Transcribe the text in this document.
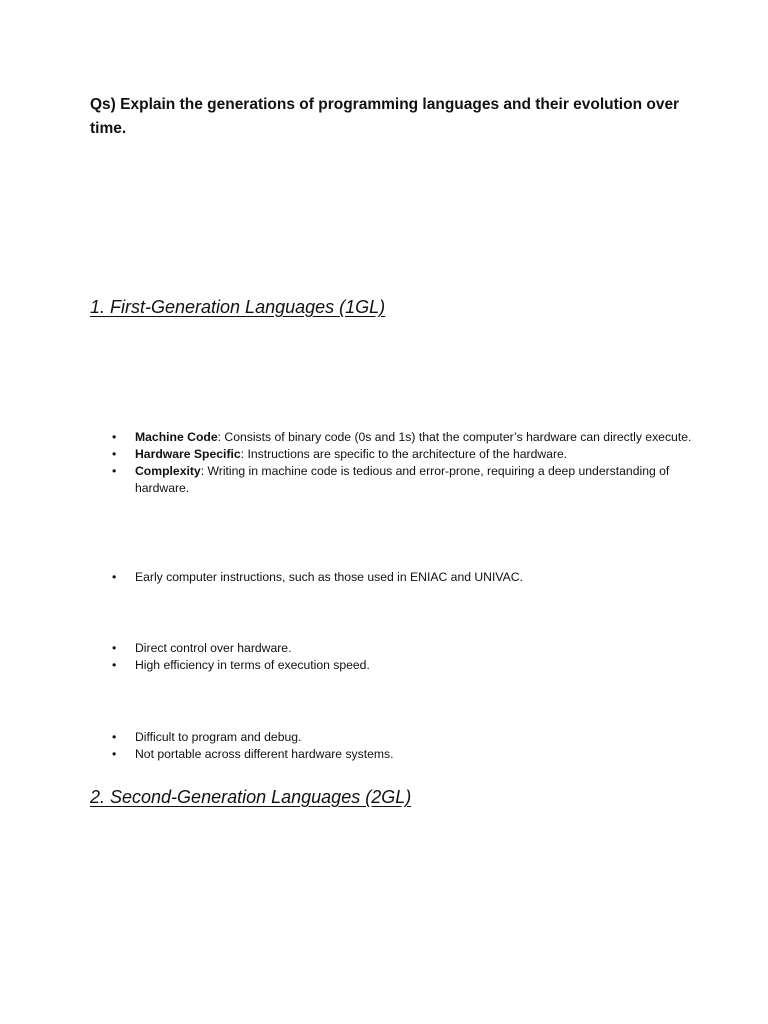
Qs) Explain the generations of programming languages and their evolution over time.

1. First-Generation Languages (1GL)
•	Machine Code: Consists of binary code (0s and 1s) that the computer’s hardware can directly execute.
•	Hardware Specific: Instructions are specific to the architecture of the hardware.
•	Complexity: Writing in machine code is tedious and error-prone, requiring a deep understanding of hardware.
•	Early computer instructions, such as those used in ENIAC and UNIVAC.
•	Direct control over hardware.
•	High efficiency in terms of execution speed.
•	Difficult to program and debug.
•	Not portable across different hardware systems.
2. Second-Generation Languages (2GL)
